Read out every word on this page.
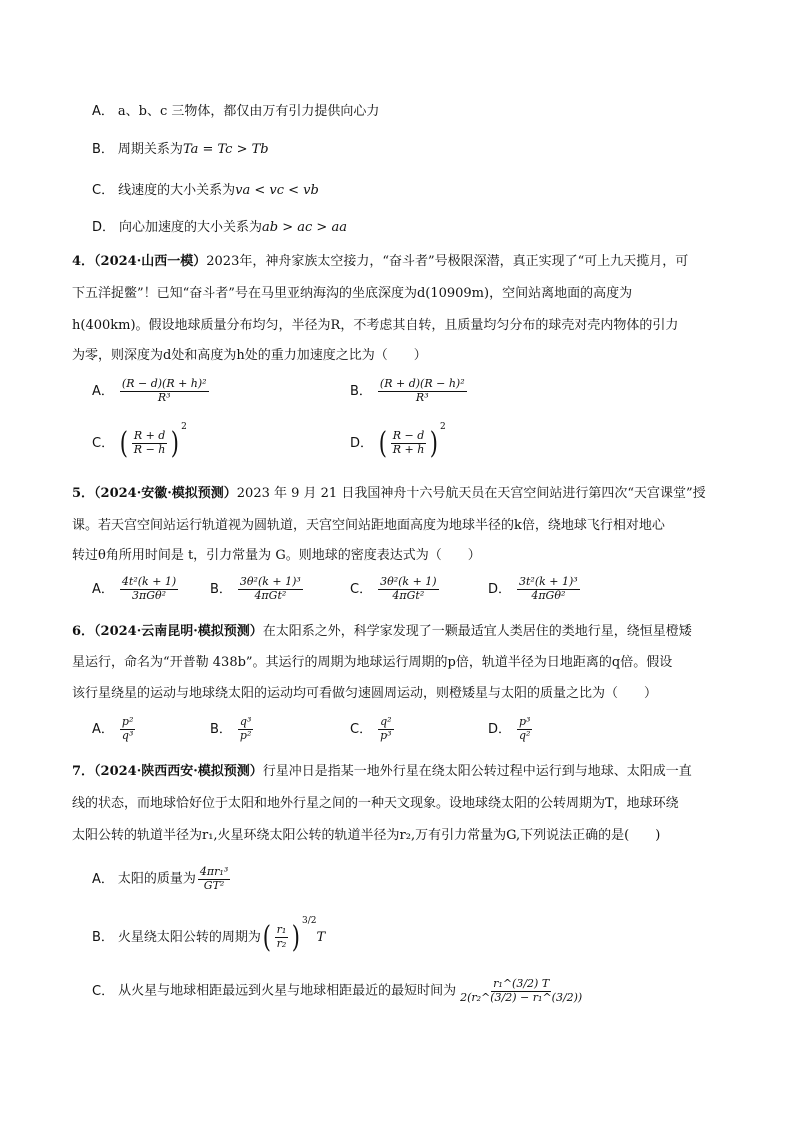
A． a、b、c 三物体，都仅由万有引力提供向心力
B． 周期关系为Ta = Tc > Tb
C． 线速度的大小关系为va < vc < vb
D． 向心加速度的大小关系为ab > ac > aa
4．（2024·山西一模）2023年，神舟家族太空接力，“奋斗者”号极限深潜，真正实现了“可上九天揽月，可
下五洋捉鳖”！已知“奋斗者”号在马里亚纳海沟的坐底深度为d(10909m)，空间站离地面的高度为
h(400km)。假设地球质量分布均匀，半径为R，不考虑其自转，且质量均匀分布的球壳对壳内物体的引力
为零，则深度为d处和高度为h处的重力加速度之比为（　　）
A． $\frac{\text{(R − d)(R + h)²}}{\text{R³}}$	B． $\frac{\text{(R + d)(R − h)²}}{\text{R³}}$
C． ( $\frac{R + d}{R - h}$ ) $^2$
D． ( $\frac{R - d}{R + h}$ ) $^2$
5．（2024·安徽·模拟预测）2023 年 9 月 21 日我国神舟十六号航天员在天宫空间站进行第四次“天宫课堂”授
课。若天宫空间站运行轨道视为圆轨道，天宫空间站距地面高度为地球半径的k倍，绕地球飞行相对地心
转过θ角所用时间是 t，引力常量为 G。则地球的密度表达式为（　　）
A． $\frac{\text{4t²(k + 1)}}{\text{3πGθ²}}$ B． $\frac{\text{3θ²(k + 1)³}}{\text{4πGt²}}$	C． $\frac{\text{3θ²(k + 1)}}{\text{4πGt²}}$	D． $\frac{\text{3t²(k + 1)³}}{\text{4πGθ²}}$
6．（2024·云南昆明·模拟预测）在太阳系之外，科学家发现了一颗最适宜人类居住的类地行星，绕恒星橙矮
星运行，命名为“开普勒 438b”。其运行的周期为地球运行周期的p倍，轨道半径为日地距离的q倍。假设
该行星绕星的运动与地球绕太阳的运动均可看做匀速圆周运动，则橙矮星与太阳的质量之比为（　　）
A． $\frac{\text{p²}}{\text{q³}}$	B． $\frac{\text{q³}}{\text{p²}}$	C． $\frac{\text{q²}}{\text{p³}}$	D． $\frac{\text{p³}}{\text{q²}}$
7．（2024·陕西西安·模拟预测）行星冲日是指某一地外行星在绕太阳公转过程中运行到与地球、太阳成一直
线的状态，而地球恰好位于太阳和地外行星之间的一种天文现象。设地球绕太阳的公转周期为T，地球环绕
太阳公转的轨道半径为r₁,火星环绕太阳公转的轨道半径为r₂,万有引力常量为G,下列说法正确的是(　　)
A． 太阳的质量为 $\frac{\text{4πr₁³}}{\text{GT²}}$
B． 火星绕太阳公转的周期为( $\frac{\text{r₁}}{\text{r₂}}$ ) $^{3/2}$T
C． 从火星与地球相距最远到火星与地球相距最近的最短时间为 $\frac{\text{r₁\textasciicircum{}(3/2) T}}{\text{2(r₂\textasciicircum{}(3/2) − r₁\textasciicircum{}(3/2))}}$
